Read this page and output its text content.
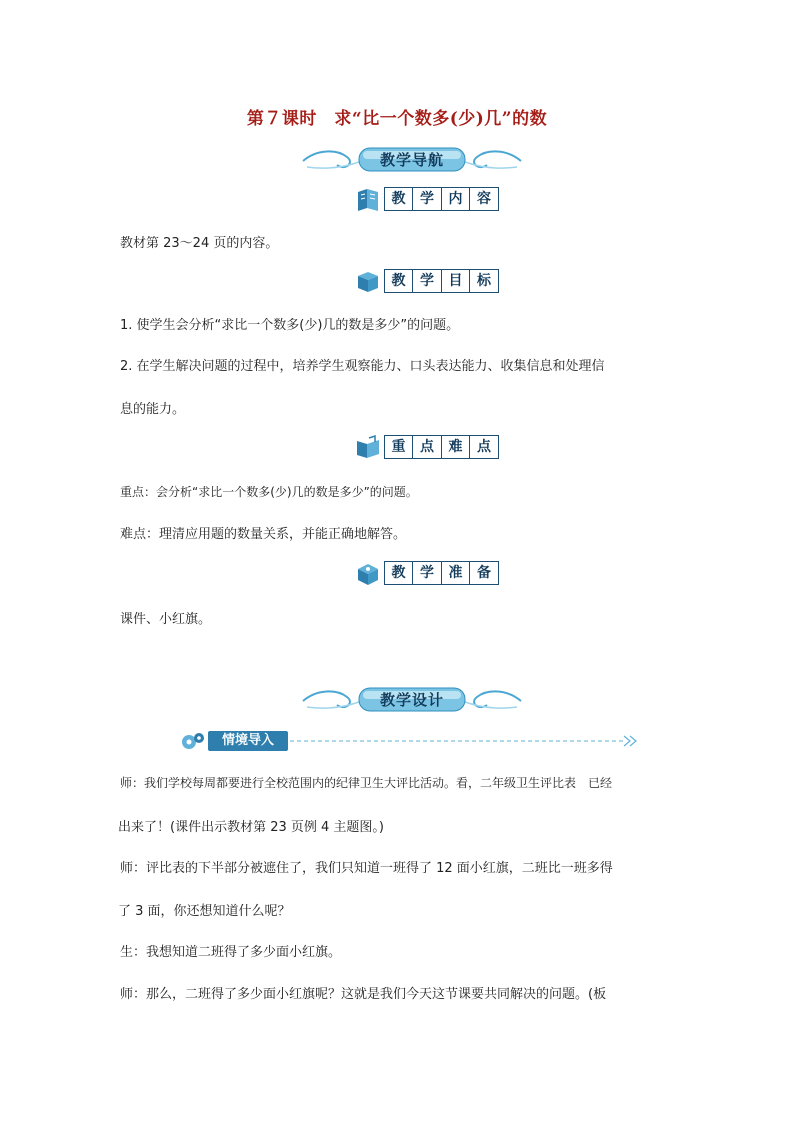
第７课时　求“比一个数多(少)几”的数
教学导航
教	学	内	容
教材第 23～24 页的内容。
教	学	目	标
1. 使学生会分析“求比一个数多(少)几的数是多少”的问题。
2. 在学生解决问题的过程中，培养学生观察能力、口头表达能力、收集信息和处理信
息的能力。
重	点	难	点
重点：会分析“求比一个数多(少)几的数是多少”的问题。
难点：理清应用题的数量关系，并能正确地解答。
教	学	准	备
课件、小红旗。
教学设计
情境导入
师：我们学校每周都要进行全校范围内的纪律卫生大评比活动。看，二年级卫生评比表　已经
出来了！(课件出示教材第 23 页例 4 主题图。)
师：评比表的下半部分被遮住了，我们只知道一班得了 12 面小红旗，二班比一班多得
了 3 面，你还想知道什么呢？
生：我想知道二班得了多少面小红旗。
师：那么，二班得了多少面小红旗呢？这就是我们今天这节课要共同解决的问题。(板
